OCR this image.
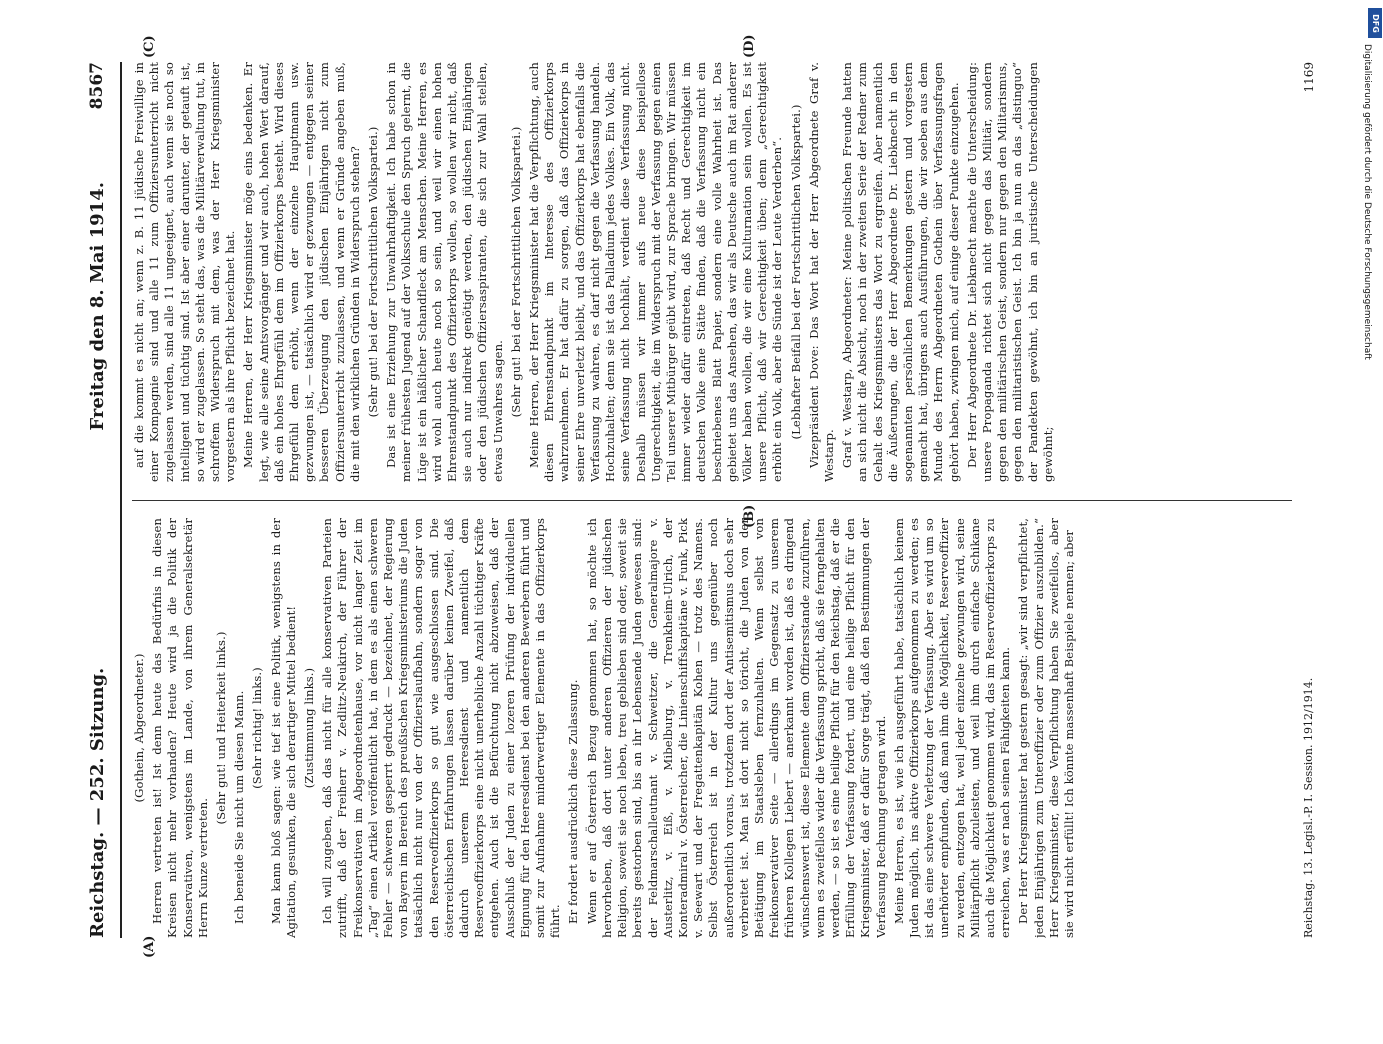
Reichstag. — 252. Sitzung.
Freitag den 8. Mai 1914.
8567

(Gothein, Abgeordneter.) Herren vertreten ist! Ist denn heute das Bedürfnis in diesen Kreisen nicht mehr vorhanden? Heute wird ja die Politik der Konservativen, wenigstens im Lande, von ihrem Generalsekretär Herrn Kunze vertreten.

(Sehr gut! und Heiterkeit links.) Ich beneide Sie nicht um diesen Mann. (Sehr richtig! links.) Man kann bloß sagen: wie tief ist eine Politik, wenigstens in der Agitation, gesunken, die sich derartiger Mittel bedient! (Zustimmung links.) Ich will zugeben, daß das nicht für alle konservativen Parteien zutrifft, daß der Freiherr v. Zedlitz-Neukirch, der Führer der Freikonservativen im Abgeordnetenhause, vor nicht langer Zeit im „Tag“ einen Artikel veröffentlicht hat, in dem es als einen schweren Fehler — schweren gesperrt gedruckt — bezeichnet, der Regierung von Bayern im Bereich des preußischen Kriegsministeriums die Juden tatsächlich nicht nur von der Offizierslaufbahn, sondern sogar von den Reserveoffizierkorps so gut wie ausgeschlossen sind. Die österreichischen Erfahrungen lassen darüber keinen Zweifel, daß dadurch unserem Heeresdienst und namentlich dem Reserveoffizierkorps eine nicht unerhebliche Anzahl tüchtiger Kräfte entgehen. Auch ist die Befürchtung nicht abzuweisen, daß der Ausschluß der Juden zu einer lozeren Prüfung der individuellen Eignung für den Heeresdienst bei den anderen Bewerbern führt und somit zur Aufnahme minderwertiger Elemente in das Offizierkorps führt. Er fordert ausdrücklich diese Zulassung. Wenn er auf Österreich Bezug genommen hat, so möchte ich hervorheben, daß dort unter anderen Offizieren der jüdischen Religion, soweit sie noch leben, treu geblieben sind oder, soweit sie bereits gestorben sind, bis an ihr Lebensende Juden gewesen sind: der Feldmarschalleutnant v. Schweitzer, die Generalmajore v. Austerlitz, v. Eiß, v. Mibelburg, v. Trenkheim-Ulrich, der Konteradmiral v. Österreicher, die Linienschiffskapitäne v. Funk, Pick v. Seewart und der Fregattenkapitän Kohen — trotz des Namens. Selbst Österreich ist in der Kultur uns gegenüber noch außerordentlich voraus, trotzdem dort der Antisemitismus doch sehr verbreitet ist. Man ist dort nicht so töricht, die Juden von der Betätigung im Staatsleben fernzuhalten. Wenn selbst von freikonservativer Seite — allerdings im Gegensatz zu unserem früheren Kollegen Liebert — anerkannt worden ist, daß es dringend wünschenswert ist, diese Elemente dem Offiziersstande zuzuführen, wenn es zweifellos wider die Verfassung spricht, daß sie ferngehalten werden, — so ist es eine heilige Pflicht für den Reichstag, daß er die Erfüllung der Verfassung fordert, und eine heilige Pflicht für den Kriegsminister, daß er dafür Sorge trägt, daß den Bestimmungen der Verfassung Rechnung getragen wird. Meine Herren, es ist, wie ich ausgeführt habe, tatsächlich keinem Juden möglich, ins aktive Offizierkorps aufgenommen zu werden; es ist das eine schwere Verletzung der Verfassung. Aber es wird um so unerhörter empfunden, daß man ihm die Möglichkeit, Reserveoffizier zu werden, entzogen hat, weil jeder einzelne gezwungen wird, seine Militärpflicht abzuleisten, und weil ihm durch einfache Schikane auch die Möglichkeit genommen wird, das im Reserveoffizierkorps zu erreichen, was er nach seinen Fähigkeiten kann. Der Herr Kriegsminister hat gestern gesagt: „wir sind verpflichtet, jeden Einjährigen zum Unteroffizier oder zum Offizier auszubilden.“ Herr Kriegsminister, diese Verpflichtung haben Sie zweifellos, aber sie wird nicht erfüllt! Ich könnte massenhaft Beispiele nennen; aber

auf die kommt es nicht an; wenn z. B. 11 jüdische Freiwillige in einer Kompagnie sind und alle 11 zum Offiziersunterricht nicht zugelassen werden, sind alle 11 ungeeignet, auch wenn sie noch so intelligent und tüchtig sind. Ist aber einer darunter, der getauft ist, so wird er zugelassen. So steht das, was die Militärverwaltung tut, in schroffem Widerspruch mit dem, was der Herr Kriegsminister vorgestern als ihre Pflicht bezeichnet hat. Meine Herren, der Herr Kriegsminister möge eins bedenken. Er legt, wie alle seine Amtsvorgänger und wir auch, hohen Wert darauf, daß ein hohes Ehrgefühl dem im Offizierkorps besteht. Wird dieses Ehrgefühl dem erhöht, wenn der einzelne Hauptmann usw. gezwungen ist, — tatsächlich wird er gezwungen — entgegen seiner besseren Überzeugung den jüdischen Einjährigen nicht zum Offiziersunterricht zuzulassen, und wenn er Gründe angeben muß, die mit den wirklichen Gründen in Widerspruch stehen? (Sehr gut! bei der Fortschrittlichen Volkspartei.) Das ist eine Erziehung zur Unwahrhaftigkeit. Ich habe schon in meiner frühesten Jugend auf der Volksschule den Spruch gelernt, die Lüge ist ein häßlicher Schandfleck am Menschen. Meine Herren, es wird wohl auch heute noch so sein, und weil wir einen hohen Ehrenstandpunkt des Offizierkorps wollen, so wollen wir nicht, daß sie auch nur indirekt genötigt werden, den jüdischen Einjährigen oder den jüdischen Offiziersaspiranten, die sich zur Wahl stellen, etwas Unwahres sagen. (Sehr gut! bei der Fortschrittlichen Volkspartei.) Meine Herren, der Herr Kriegsminister hat die Verpflichtung, auch diesen Ehrenstandpunkt im Interesse des Offizierkorps wahrzunehmen. Er hat dafür zu sorgen, daß das Offizierkorps in seiner Ehre unverletzt bleibt, und das Offizierkorps hat ebenfalls die Verfassung zu wahren, es darf nicht gegen die Verfassung handeln. Hochzuhalten; denn sie ist das Palladium jedes Volkes. Ein Volk, das seine Verfassung nicht hochhält, verdient diese Verfassung nicht. Deshalb müssen wir immer aufs neue diese beispiellose Ungerechtigkeit, die im Widerspruch mit der Verfassung gegen einen Teil unserer Mitbürger geübt wird, zur Sprache bringen. Wir müssen immer wieder dafür eintreten, daß Recht und Gerechtigkeit im deutschen Volke eine Stätte finden, daß die Verfassung nicht ein beschriebenes Blatt Papier, sondern eine volle Wahrheit ist. Das gebietet uns das Ansehen, das wir als Deutsche auch im Rat anderer Völker haben wollen, die wir eine Kulturnation sein wollen. Es ist unsere Pflicht, daß wir Gerechtigkeit üben; denn „Gerechtigkeit erhöht ein Volk, aber die Sünde ist der Leute Verderben“. (Lebhafter Beifall bei der Fortschrittlichen Volkspartei.) Vizepräsident Dove: Das Wort hat der Herr Abgeordnete Graf v. Westarp. Graf v. Westarp, Abgeordneter: Meine politischen Freunde hatten an sich nicht die Absicht, noch in der zweiten Serie der Redner zum Gehalt des Kriegsministers das Wort zu ergreifen. Aber namentlich die Äußerungen, die der Herr Abgeordnete Dr. Liebknecht in den sogenannten persönlichen Bemerkungen gestern und vorgestern gemacht hat, übrigens auch Ausführungen, die wir soeben aus dem Munde des Herrn Abgeordneten Gothein über Verfassungsfragen gehört haben, zwingen mich, auf einige dieser Punkte einzugehen. Der Herr Abgeordnete Dr. Liebknecht machte die Unterscheidung: unsere Propaganda richtet sich nicht gegen das Militär, sondern gegen den militärischen Geist, sondern nur gegen den Militarismus, gegen den militaristischen Geist. Ich bin ja nun an das „distinguo“ der Pandekten gewöhnt, ich bin an juristische Unterscheidungen gewöhnt;

(A)
(B)
(C)	(D)
Reichstag. 13. Legisl.-P. I. Session. 1912/1914.
1169
DFG
Digitalisierung gefördert durch die Deutsche Forschungsgemeinschaft
